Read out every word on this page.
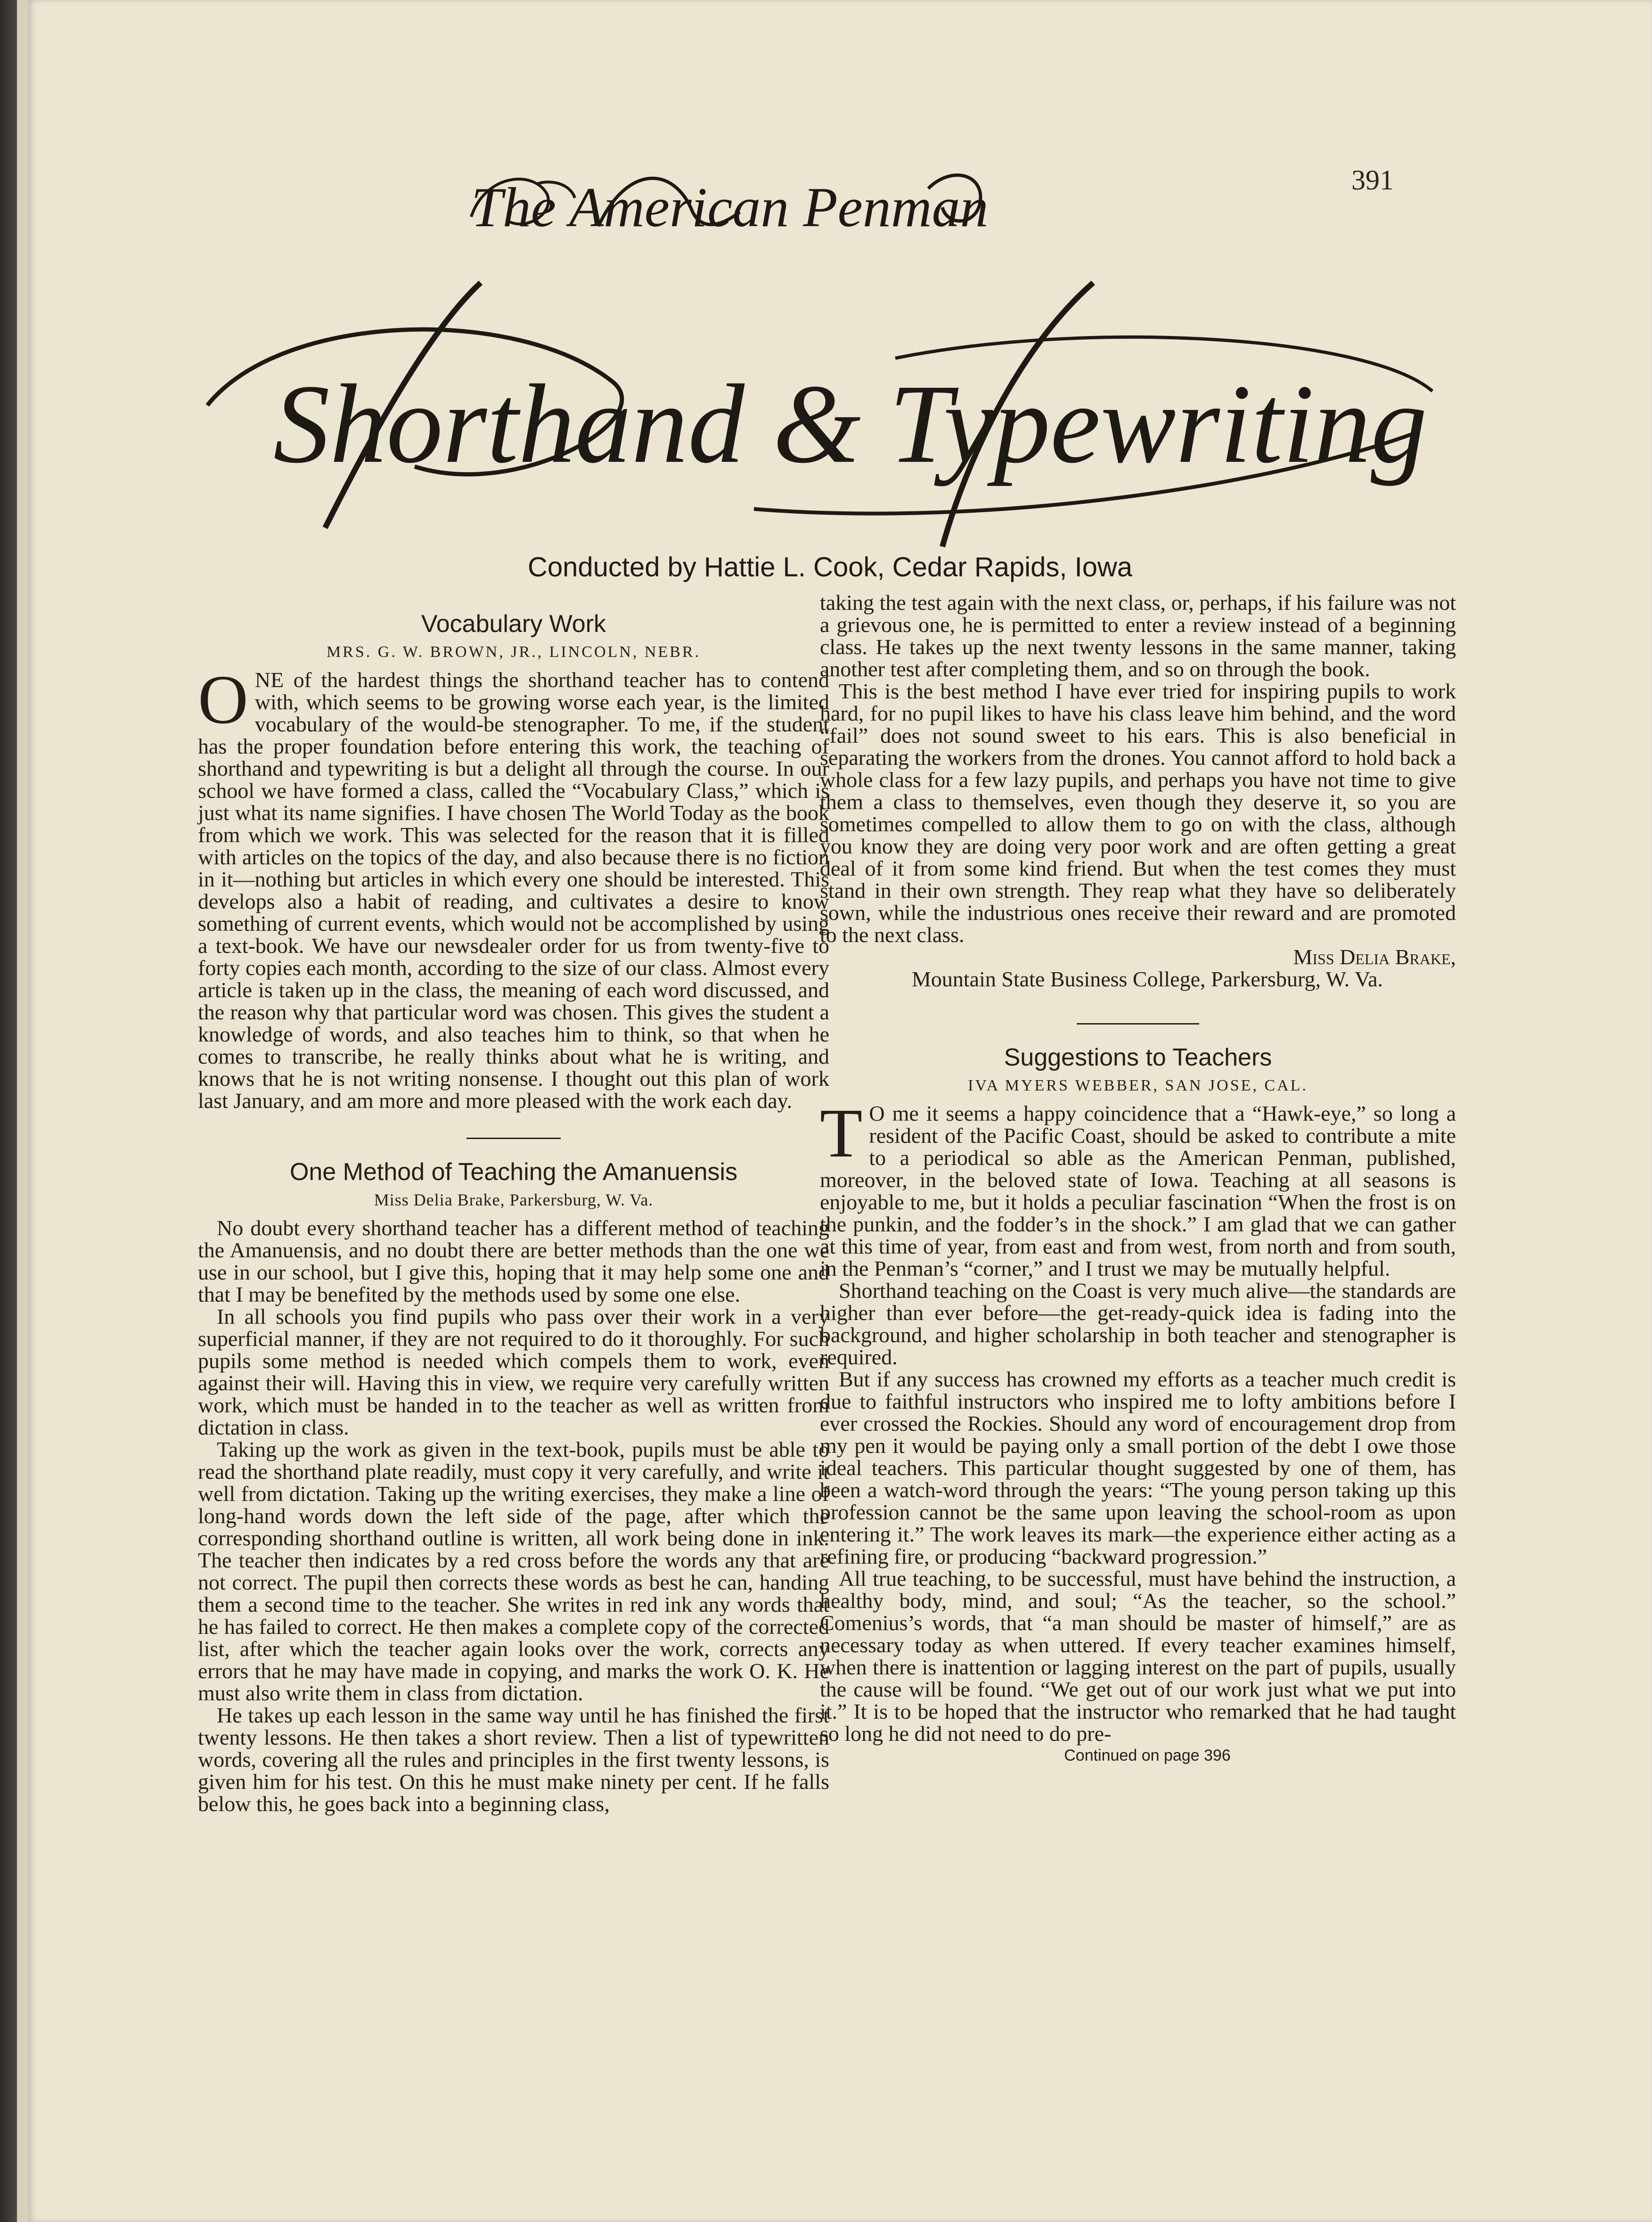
391
The American Penman
Shorthand & Typewriting
Conducted by Hattie L. Cook, Cedar Rapids, Iowa
Vocabulary Work
MRS. G. W. BROWN, JR., LINCOLN, NEBR.

ONE of the hardest things the shorthand teacher has to contend with, which seems to be growing worse each year, is the limited vocabulary of the would-be stenographer. To me, if the student has the proper foundation before entering this work, the teaching of shorthand and typewriting is but a delight all through the course. In our school we have formed a class, called the “Vocabulary Class,” which is just what its name signifies. I have chosen The World Today as the book from which we work. This was selected for the reason that it is filled with articles on the topics of the day, and also because there is no fiction in it—nothing but articles in which every one should be interested. This develops also a habit of reading, and cultivates a desire to know something of current events, which would not be accomplished by using a text-book. We have our newsdealer order for us from twenty-five to forty copies each month, according to the size of our class. Almost every article is taken up in the class, the meaning of each word discussed, and the reason why that particular word was chosen. This gives the student a knowledge of words, and also teaches him to think, so that when he comes to transcribe, he really thinks about what he is writing, and knows that he is not writing nonsense. I thought out this plan of work last January, and am more and more pleased with the work each day.

One Method of Teaching the Amanuensis
Miss Delia Brake, Parkersburg, W. Va.

No doubt every shorthand teacher has a different method of teaching the Amanuensis, and no doubt there are better methods than the one we use in our school, but I give this, hoping that it may help some one and that I may be benefited by the methods used by some one else.

In all schools you find pupils who pass over their work in a very superficial manner, if they are not required to do it thoroughly. For such pupils some method is needed which compels them to work, even against their will. Having this in view, we require very carefully written work, which must be handed in to the teacher as well as written from dictation in class.

Taking up the work as given in the text-book, pupils must be able to read the shorthand plate readily, must copy it very carefully, and write it well from dictation. Taking up the writing exercises, they make a line of long-hand words down the left side of the page, after which the corresponding shorthand outline is written, all work being done in ink. The teacher then indicates by a red cross before the words any that are not correct. The pupil then corrects these words as best he can, handing them a second time to the teacher. She writes in red ink any words that he has failed to correct. He then makes a complete copy of the corrected list, after which the teacher again looks over the work, corrects any errors that he may have made in copying, and marks the work O. K. He must also write them in class from dictation.

He takes up each lesson in the same way until he has finished the first twenty lessons. He then takes a short review. Then a list of typewritten words, covering all the rules and principles in the first twenty lessons, is given him for his test. On this he must make ninety per cent. If he falls below this, he goes back into a beginning class,

taking the test again with the next class, or, perhaps, if his failure was not a grievous one, he is permitted to enter a review instead of a beginning class. He takes up the next twenty lessons in the same manner, taking another test after completing them, and so on through the book.

This is the best method I have ever tried for inspiring pupils to work hard, for no pupil likes to have his class leave him behind, and the word “fail” does not sound sweet to his ears. This is also beneficial in separating the workers from the drones. You cannot afford to hold back a whole class for a few lazy pupils, and perhaps you have not time to give them a class to themselves, even though they deserve it, so you are sometimes compelled to allow them to go on with the class, although you know they are doing very poor work and are often getting a great deal of it from some kind friend. But when the test comes they must stand in their own strength. They reap what they have so deliberately sown, while the industrious ones receive their reward and are promoted to the next class.

Miss Delia Brake,

Mountain State Business College, Parkersburg, W. Va.

Suggestions to Teachers
IVA MYERS WEBBER, SAN JOSE, CAL.

T O me it seems a happy coincidence that a “Hawk-eye,” so long a resident of the Pacific Coast, should be asked to contribute a mite to a periodical so able as the American Penman, published, moreover, in the beloved state of Iowa. Teaching at all seasons is enjoyable to me, but it holds a peculiar fascination “When the frost is on the punkin, and the fodder’s in the shock.” I am glad that we can gather at this time of year, from east and from west, from north and from south, in the Penman’s “corner,” and I trust we may be mutually helpful.

Shorthand teaching on the Coast is very much alive—the standards are higher than ever before—the get-ready-quick idea is fading into the background, and higher scholarship in both teacher and stenographer is required.

But if any success has crowned my efforts as a teacher much credit is due to faithful instructors who inspired me to lofty ambitions before I ever crossed the Rockies. Should any word of encouragement drop from my pen it would be paying only a small portion of the debt I owe those ideal teachers. This particular thought suggested by one of them, has been a watch-word through the years: “The young person taking up this profession cannot be the same upon leaving the school-room as upon entering it.” The work leaves its mark—the experience either acting as a refining fire, or producing “backward progression.”

All true teaching, to be successful, must have behind the instruction, a healthy body, mind, and soul; “As the teacher, so the school.” Comenius’s words, that “a man should be master of himself,” are as necessary today as when uttered. If every teacher examines himself, when there is inattention or lagging interest on the part of pupils, usually the cause will be found. “We get out of our work just what we put into it.” It is to be hoped that the instructor who remarked that he had taught so long he did not need to do pre-

Continued on page 396
